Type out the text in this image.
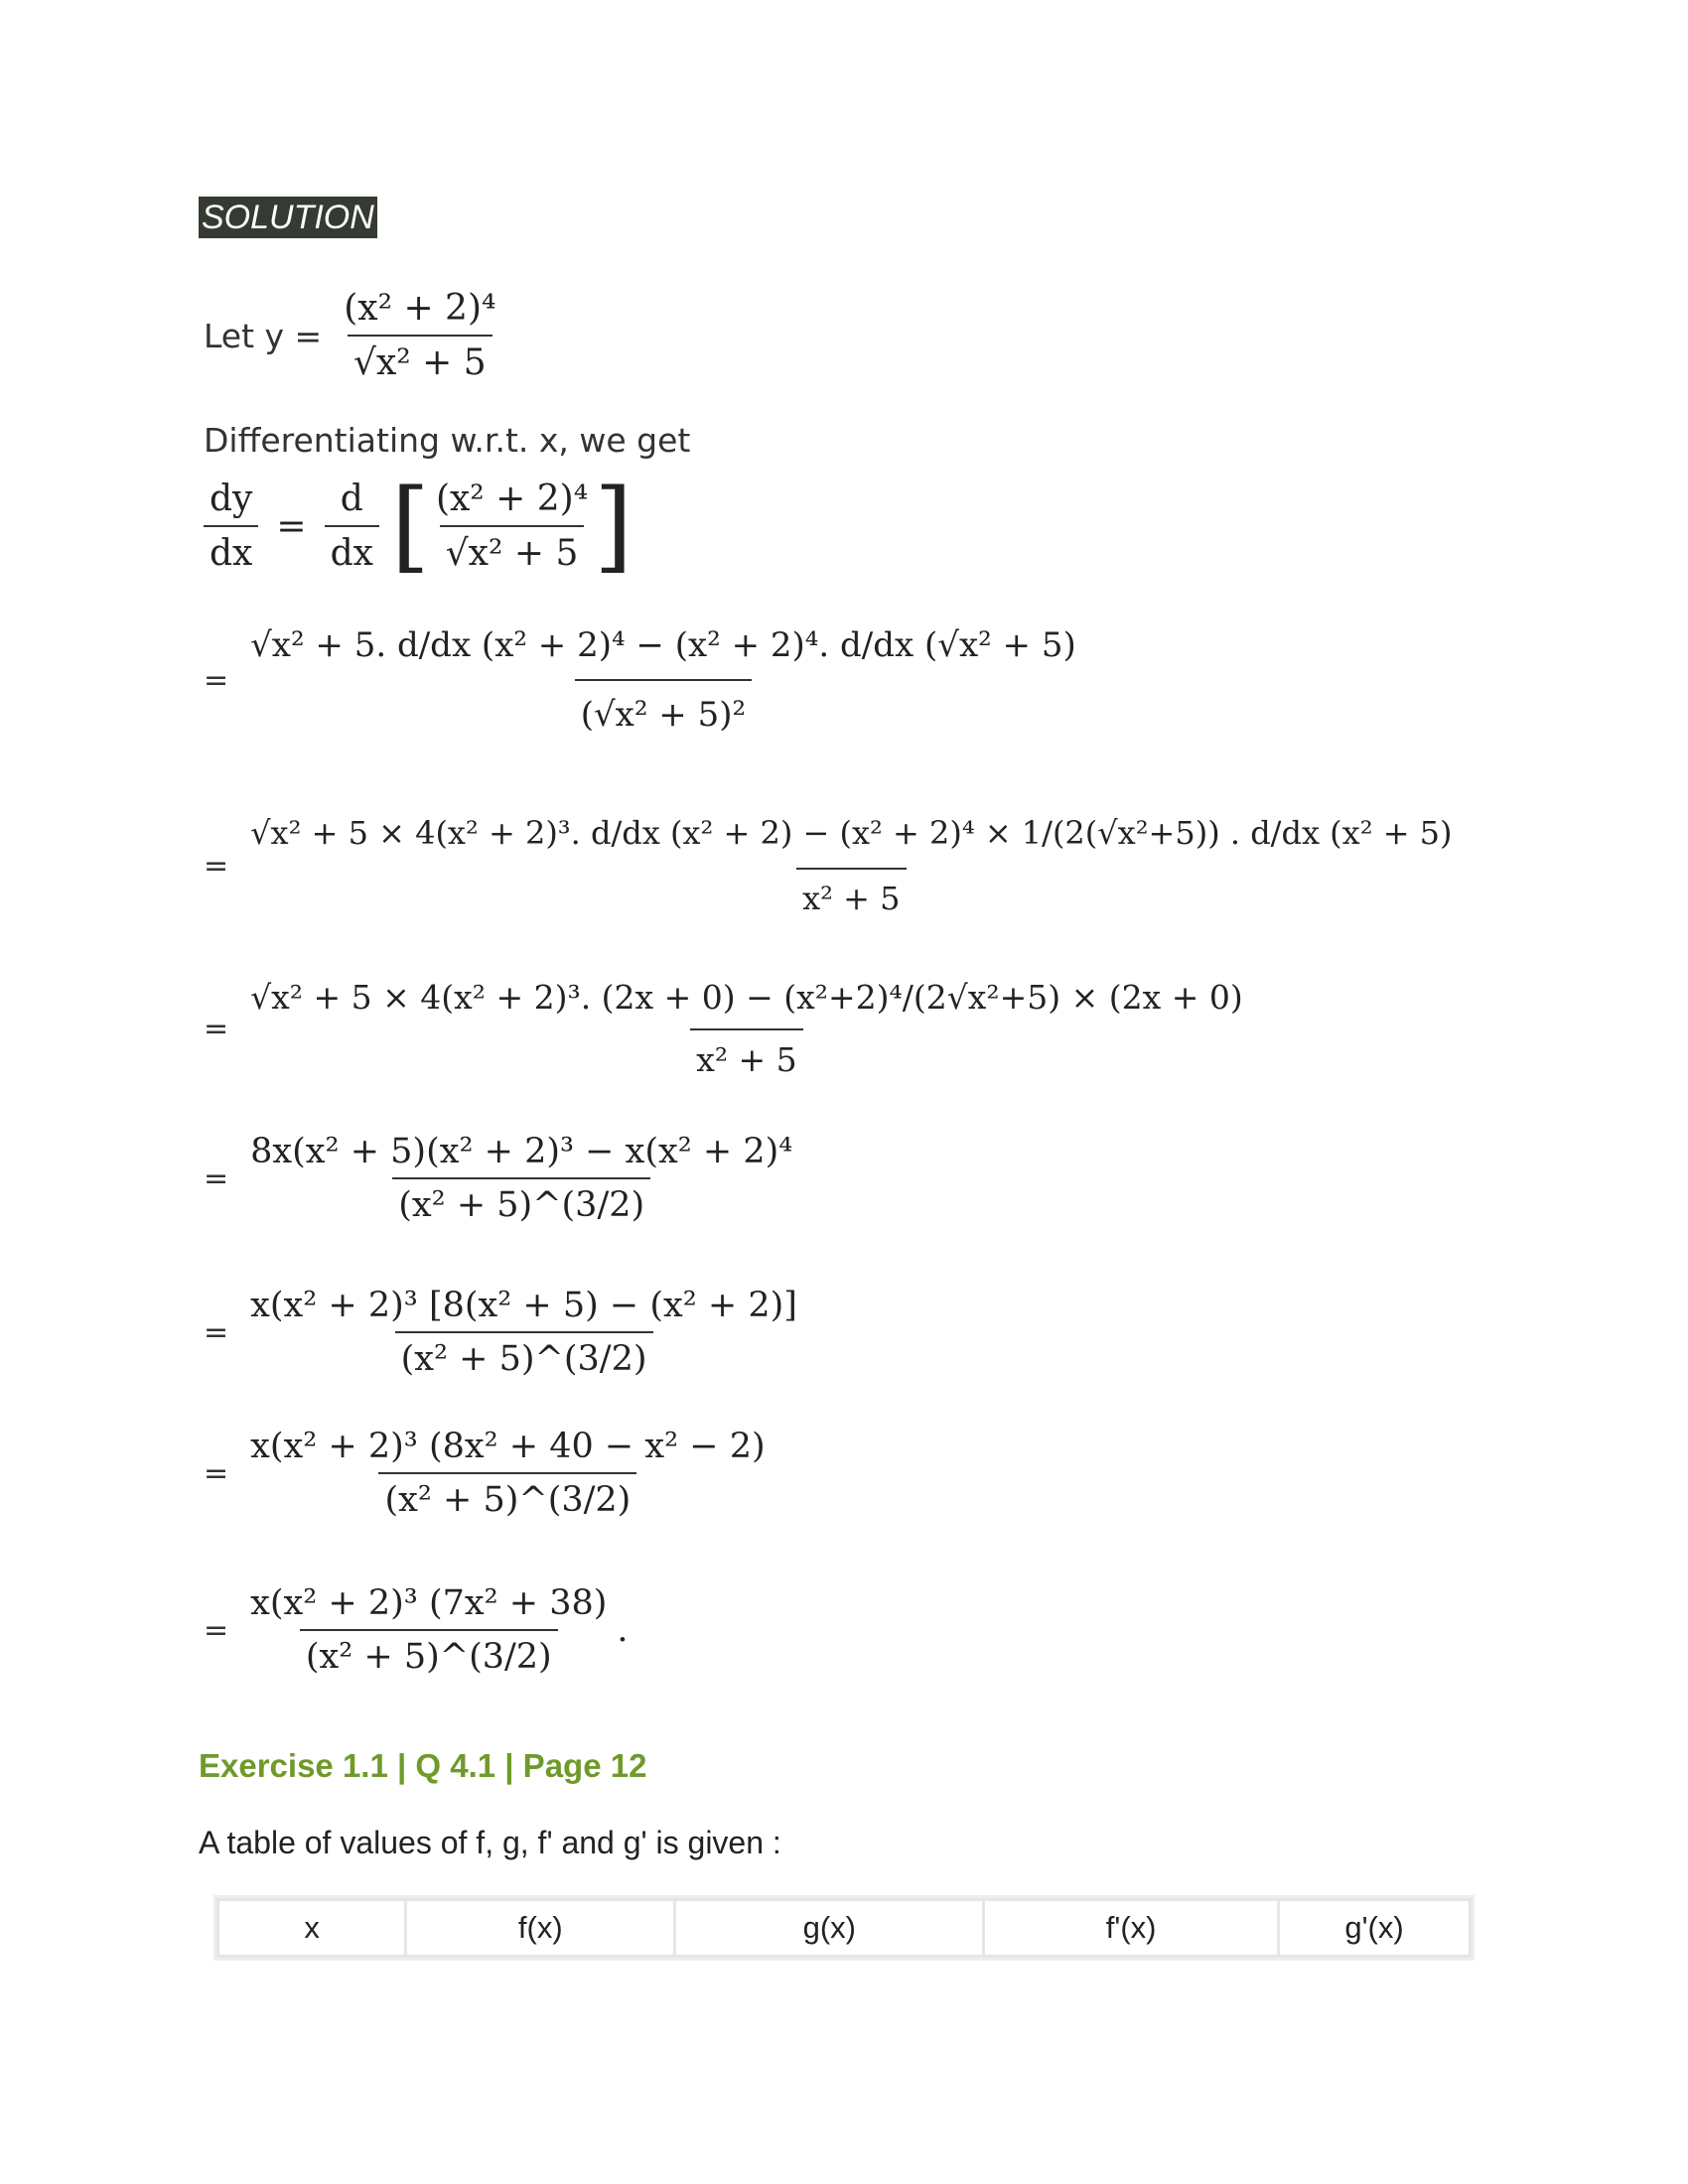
SOLUTION
Let $y = \frac{\text{(x² + 2)⁴}}{\text{√x² + 5}}$
Differentiating w.r.t. x, we get
$\frac{dy}{dx} = \frac{d}{dx}$ [ $\frac{\text{(x² + 2)⁴}}{\text{√x² + 5}}$ ]
= $\frac{\text{√x² + 5. d/dx (x² + 2)⁴ − (x² + 2)⁴. d/dx (√x² + 5)}}{\text{(√x² + 5)²}}$
=
√x² + 5 × 4(x² + 2)³. d/dx (x² + 2) − (x² + 2)⁴ × 1/(2(√x²+5)) . d/dx (x² + 5)
x² + 5
= $\frac{\text{√x² + 5 × 4(x² + 2)³. (2x + 0) − (x²+2)⁴/(2√x²+5) × (2x + 0)}}{\text{x² + 5}}$
= $\frac{\text{8x(x² + 5)(x² + 2)³ − x(x² + 2)⁴}}{\text{(x² + 5)\textasciicircum{}(3/2)}}$
= $\frac{\text{x(x² + 2)³ [8(x² + 5) − (x² + 2)]}}{\text{(x² + 5)\textasciicircum{}(3/2)}}$
= $\frac{\text{x(x² + 2)³ (8x² + 40 − x² − 2)}}{\text{(x² + 5)\textasciicircum{}(3/2)}}$
= $\frac{\text{x(x² + 2)³ (7x² + 38)}}{\text{(x² + 5)\textasciicircum{}(3/2)}}$ .
Exercise 1.1 | Q 4.1 | Page 12
A table of values of f, g, f' and g' is given :
x	f(x)	g(x)	f'(x)	g'(x)
